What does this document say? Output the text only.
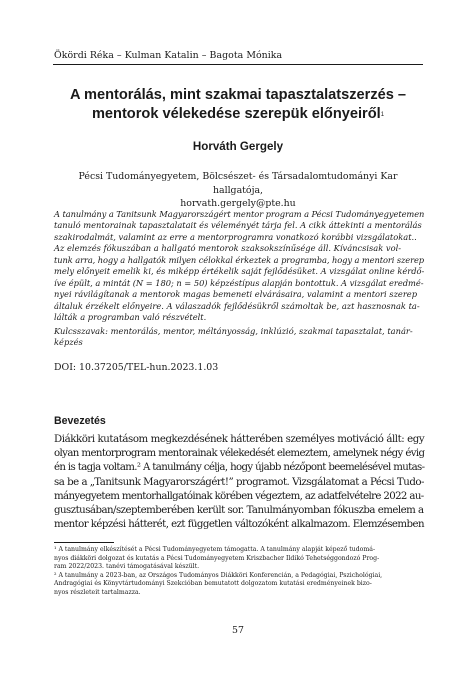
Ökördi Réka – Kulman Katalin – Bagota Mónika
A mentorálás, mint szakmai tapasztalatszerzés –
mentorok vélekedése szerepük előnyeiről$^1$
Horváth Gergely
Pécsi Tudományegyetem, Bölcsészet- és Társadalomtudományi Kar hallgatója,
horvath.gergely@pte.hu
A tanulmány a Tanitsunk Magyarországért mentor program a Pécsi Tudományegyetemen
tanuló mentorainak tapasztalatait és véleményét tárja fel. A cikk áttekinti a mentorálás
szakirodalmát, valamint az erre a mentorprogramra vonatkozó korábbi vizsgálatokat..
Az elemzés fókuszában a hallgató mentorok szaksokszínűsége áll. Kíváncsisak vol-
tunk arra, hogy a hallgatók milyen célokkal érkeztek a programba, hogy a mentori szerep
mely előnyeit emelik ki, és miképp értékelik saját fejlődésüket. A vizsgálat online kérdő-
íve épült, a mintát (N = 180; n = 50) képzéstípus alapján bontottuk. A vizsgálat eredmé-
nyei rávilágítanak a mentorok magas bemeneti elvárásaira, valamint a mentori szerep
általuk érzékelt előnyeire. A válaszadók fejlődésükről számoltak be, azt hasznosnak ta-
lálták a programban való részvételt.
Kulcsszavak: mentorálás, mentor, méltányosság, inklúzió, szakmai tapasztalat, tanár-
képzés
DOI: 10.37205/TEL-hun.2023.1.03
Bevezetés
Diákköri kutatásom megkezdésének hátterében személyes motiváció állt: egy
olyan mentorprogram mentorainak vélekedését elemeztem, amelynek négy évig
én is tagja voltam.² A tanulmány célja, hogy újabb nézőpont beemelésével mutas-
sa be a „Tanitsunk Magyarországért!” programot. Vizsgálatomat a Pécsi Tudo-
mányegyetem mentorhallgatóinak körében végeztem, az adatfelvételre 2022 au-
gusztusában/szeptemberében került sor. Tanulmányomban fókuszba emelem a
mentor képzési hátterét, ezt független változóként alkalmazom. Elemzésemben
¹ A tanulmány elkészítését a Pécsi Tudományegyetem támogatta. A tanulmány alapját képező tudomá-
nyos diákköri dolgozat és kutatás a Pécsi Tudományegyetem Kriszbacher Ildikó Tehetséggondozó Prog-
ram 2022/2023. tanévi támogatásával készült.
² A tanulmány a 2023-ban, az Országos Tudományos Diákköri Konferencián, a Pedagógiai, Pszichológiai,
Andragógiai és Könyvtártudományi Szekcióban bemutatott dolgozatom kutatási eredményeinek bizo-
nyos részleteit tartalmazza.
57
